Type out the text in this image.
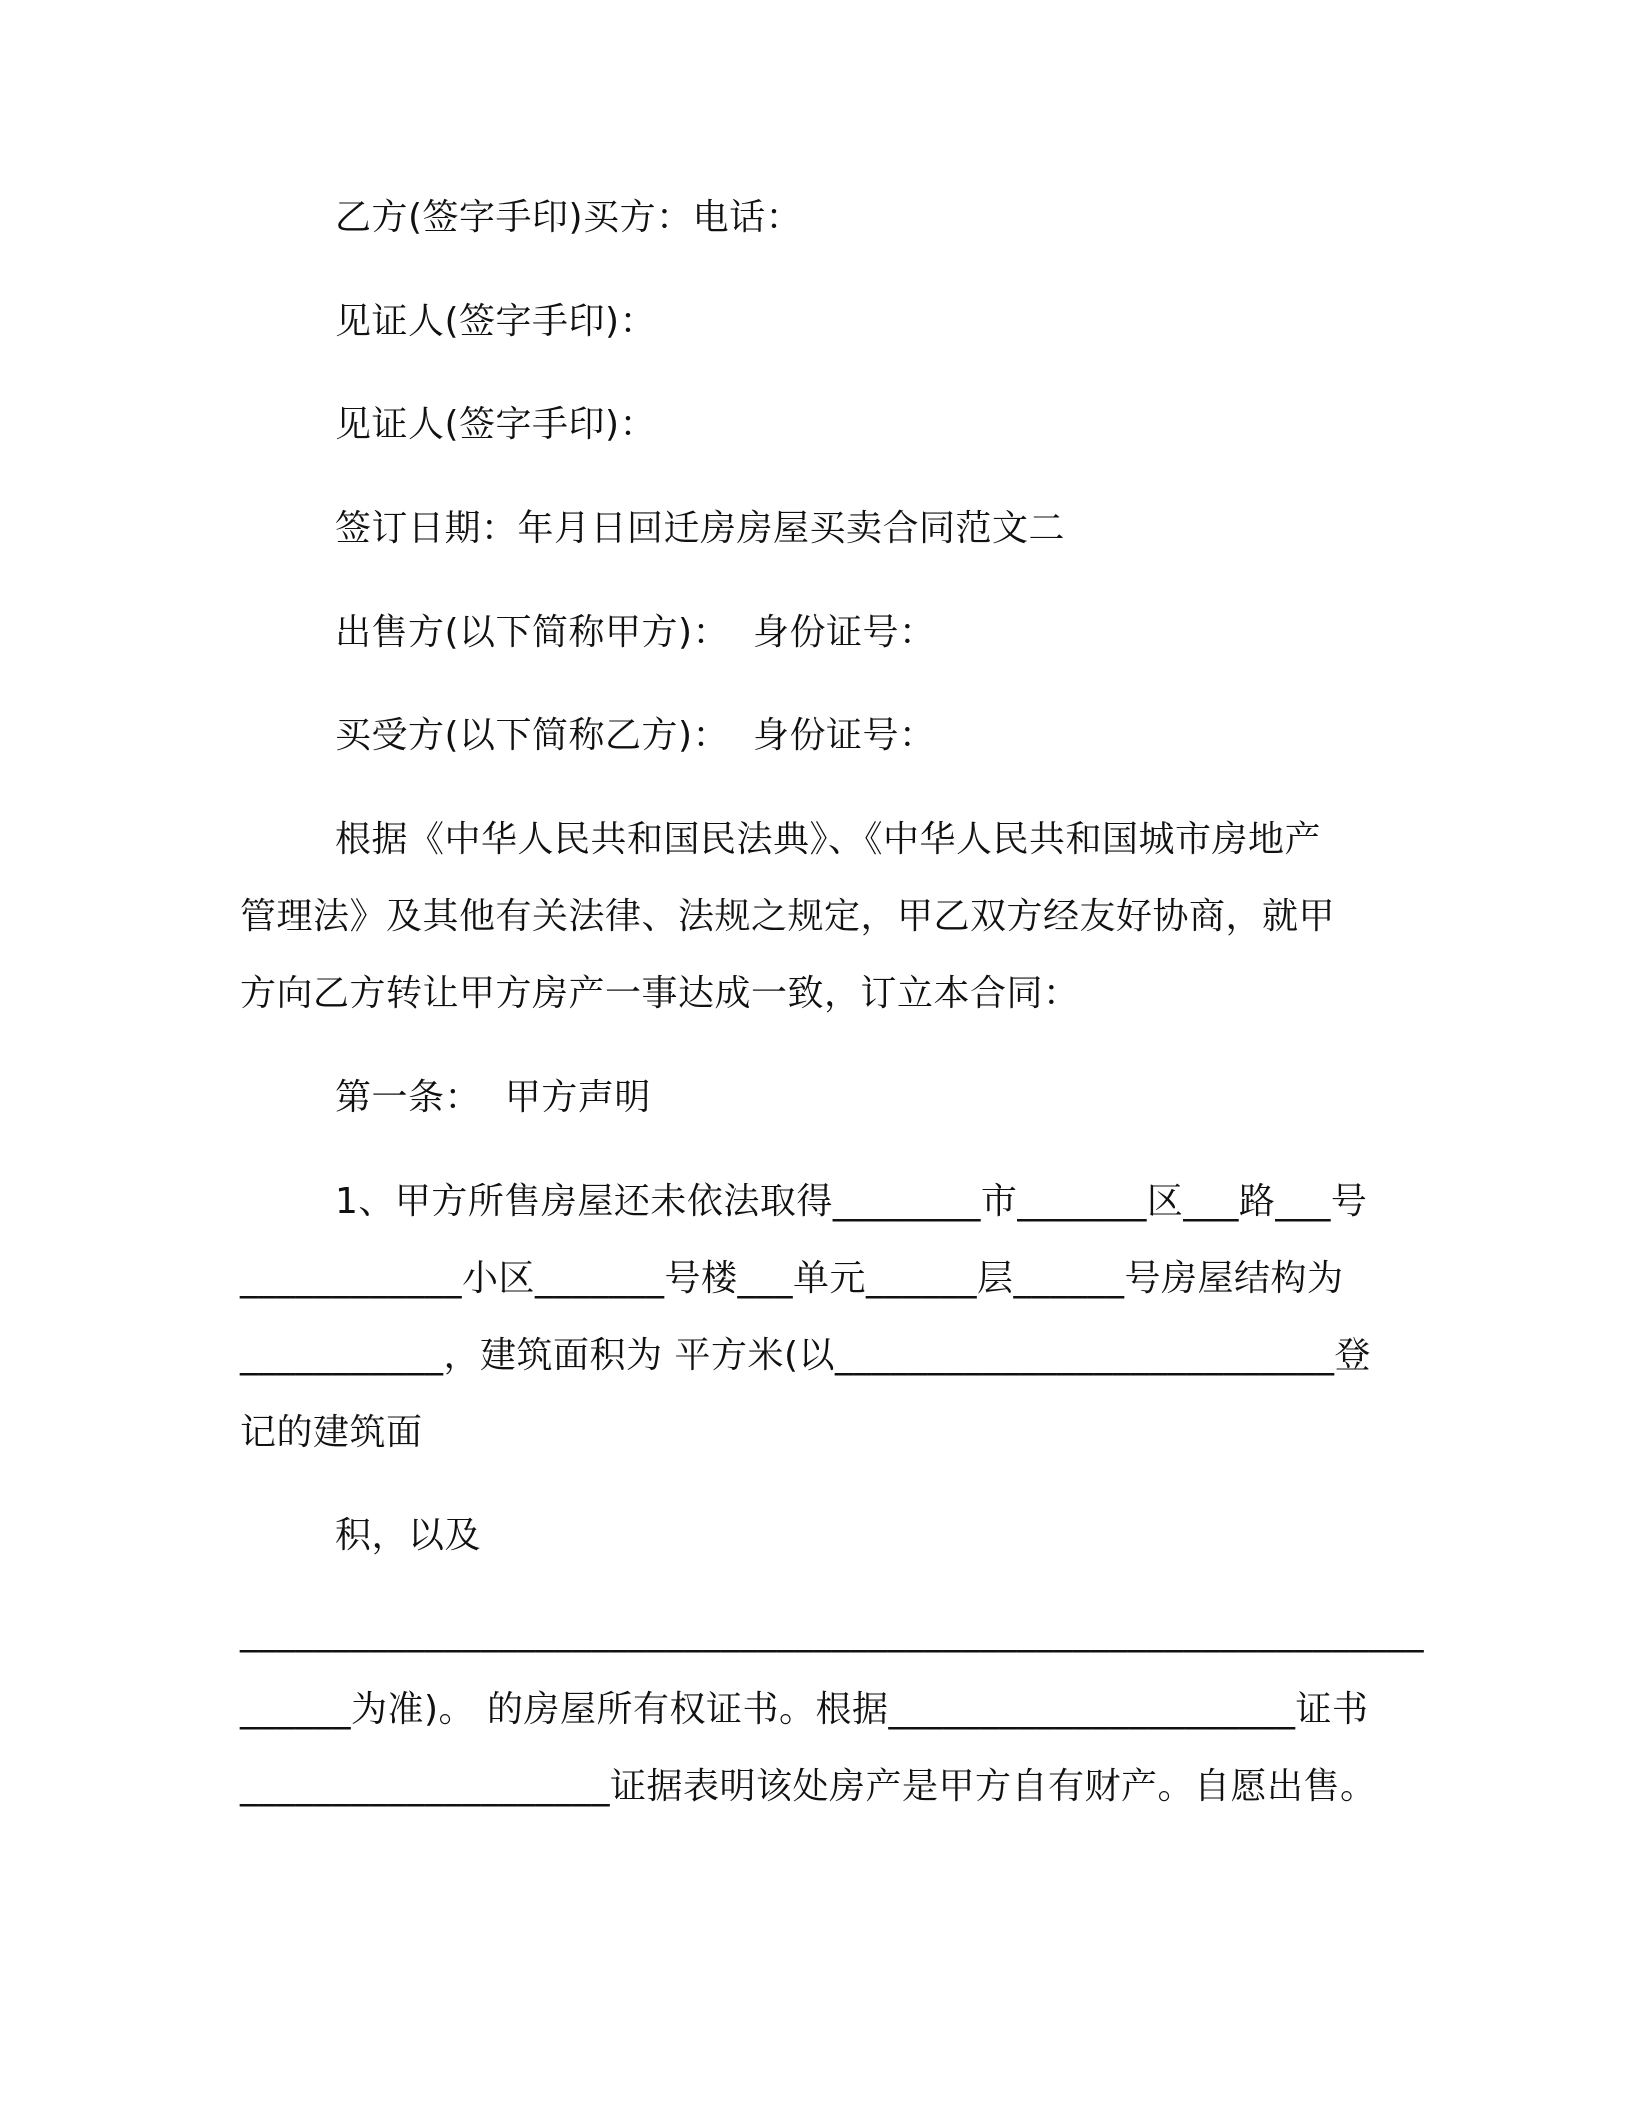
乙方(签字手印)买方：电话：
见证人(签字手印)：
见证人(签字手印)：
签订日期：年月日回迁房房屋买卖合同范文二
出售方(以下简称甲方)：  身份证号：
买受方(以下简称乙方)：  身份证号：
根据《中华人民共和国民法典》、《中华人民共和国城市房地产
管理法》及其他有关法律、法规之规定，甲乙双方经友好协商，就甲
方向乙方转让甲方房产一事达成一致，订立本合同：
第一条：  甲方声明
1、甲方所售房屋还未依法取得________市_______区___路___号
____________小区_______号楼___单元______层______号房屋结构为
___________，建筑面积为 平方米(以___________________________登
记的建筑面
积，以及
________________________________________________________________
______为准)。 的房屋所有权证书。根据______________________证书
____________________证据表明该处房产是甲方自有财产。自愿出售。
